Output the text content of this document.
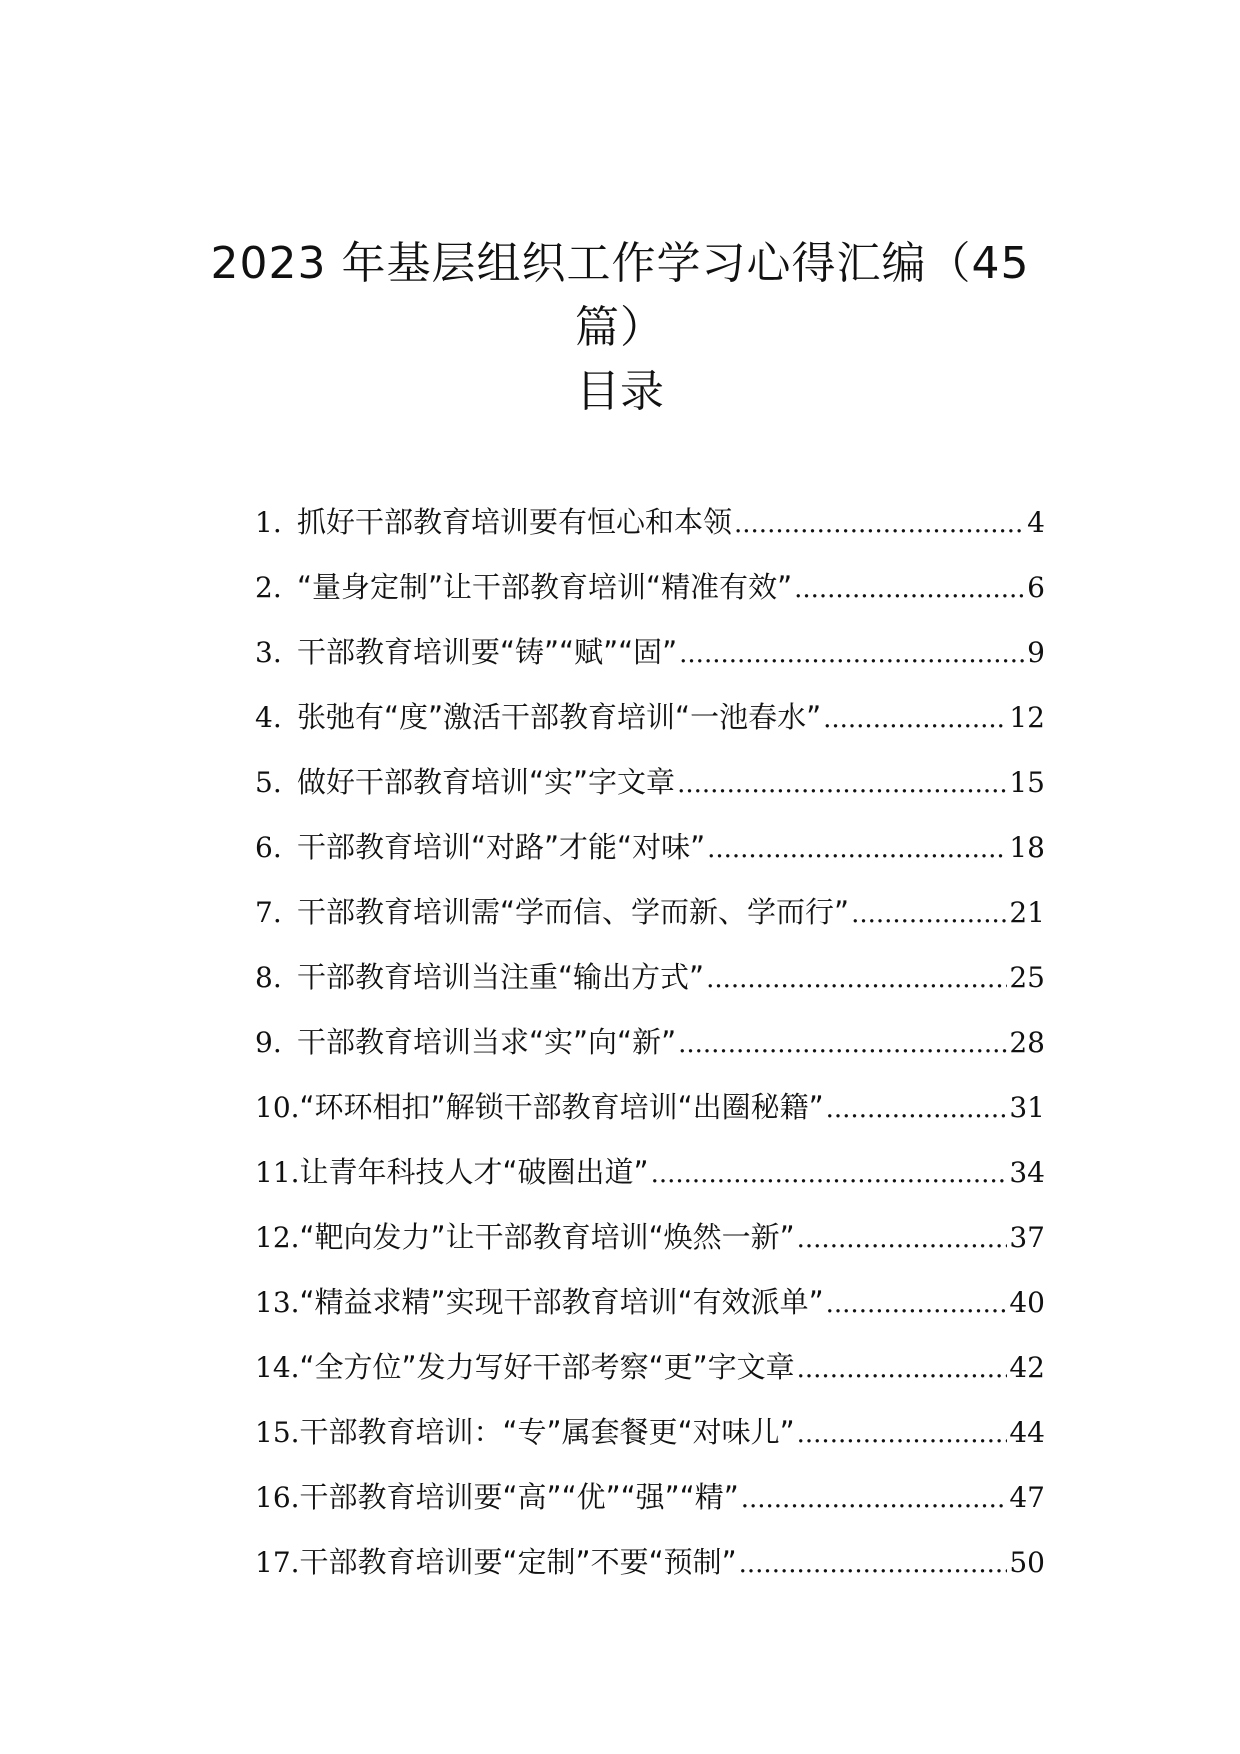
2023 年基层组织工作学习心得汇编（45
篇）
目录
1. 抓好干部教育培训要有恒心和本领 .....	4
2. “量身定制”让干部教育培训“精准有效” .....	6
3. 干部教育培训要“铸”“赋”“固” .....	9
4. 张弛有“度”激活干部教育培训“一池春水” .....	12
5. 做好干部教育培训“实”字文章 .....	15
6. 干部教育培训“对路”才能“对味” .....	18
7. 干部教育培训需“学而信、学而新、学而行” .....	21
8. 干部教育培训当注重“输出方式” .....	25
9. 干部教育培训当求“实”向“新” .....	28
10. “环环相扣”解锁干部教育培训“出圈秘籍” .....	31
11. 让青年科技人才“破圈出道” .....	34
12. “靶向发力”让干部教育培训“焕然一新” .....	37
13. “精益求精”实现干部教育培训“有效派单” .....	40
14. “全方位”发力写好干部考察“更”字文章 .....	42
15. 干部教育培训：“专”属套餐更“对味儿” .....	44
16. 干部教育培训要“高”“优”“强”“精” .....	47
17. 干部教育培训要“定制”不要“预制” .....	50
